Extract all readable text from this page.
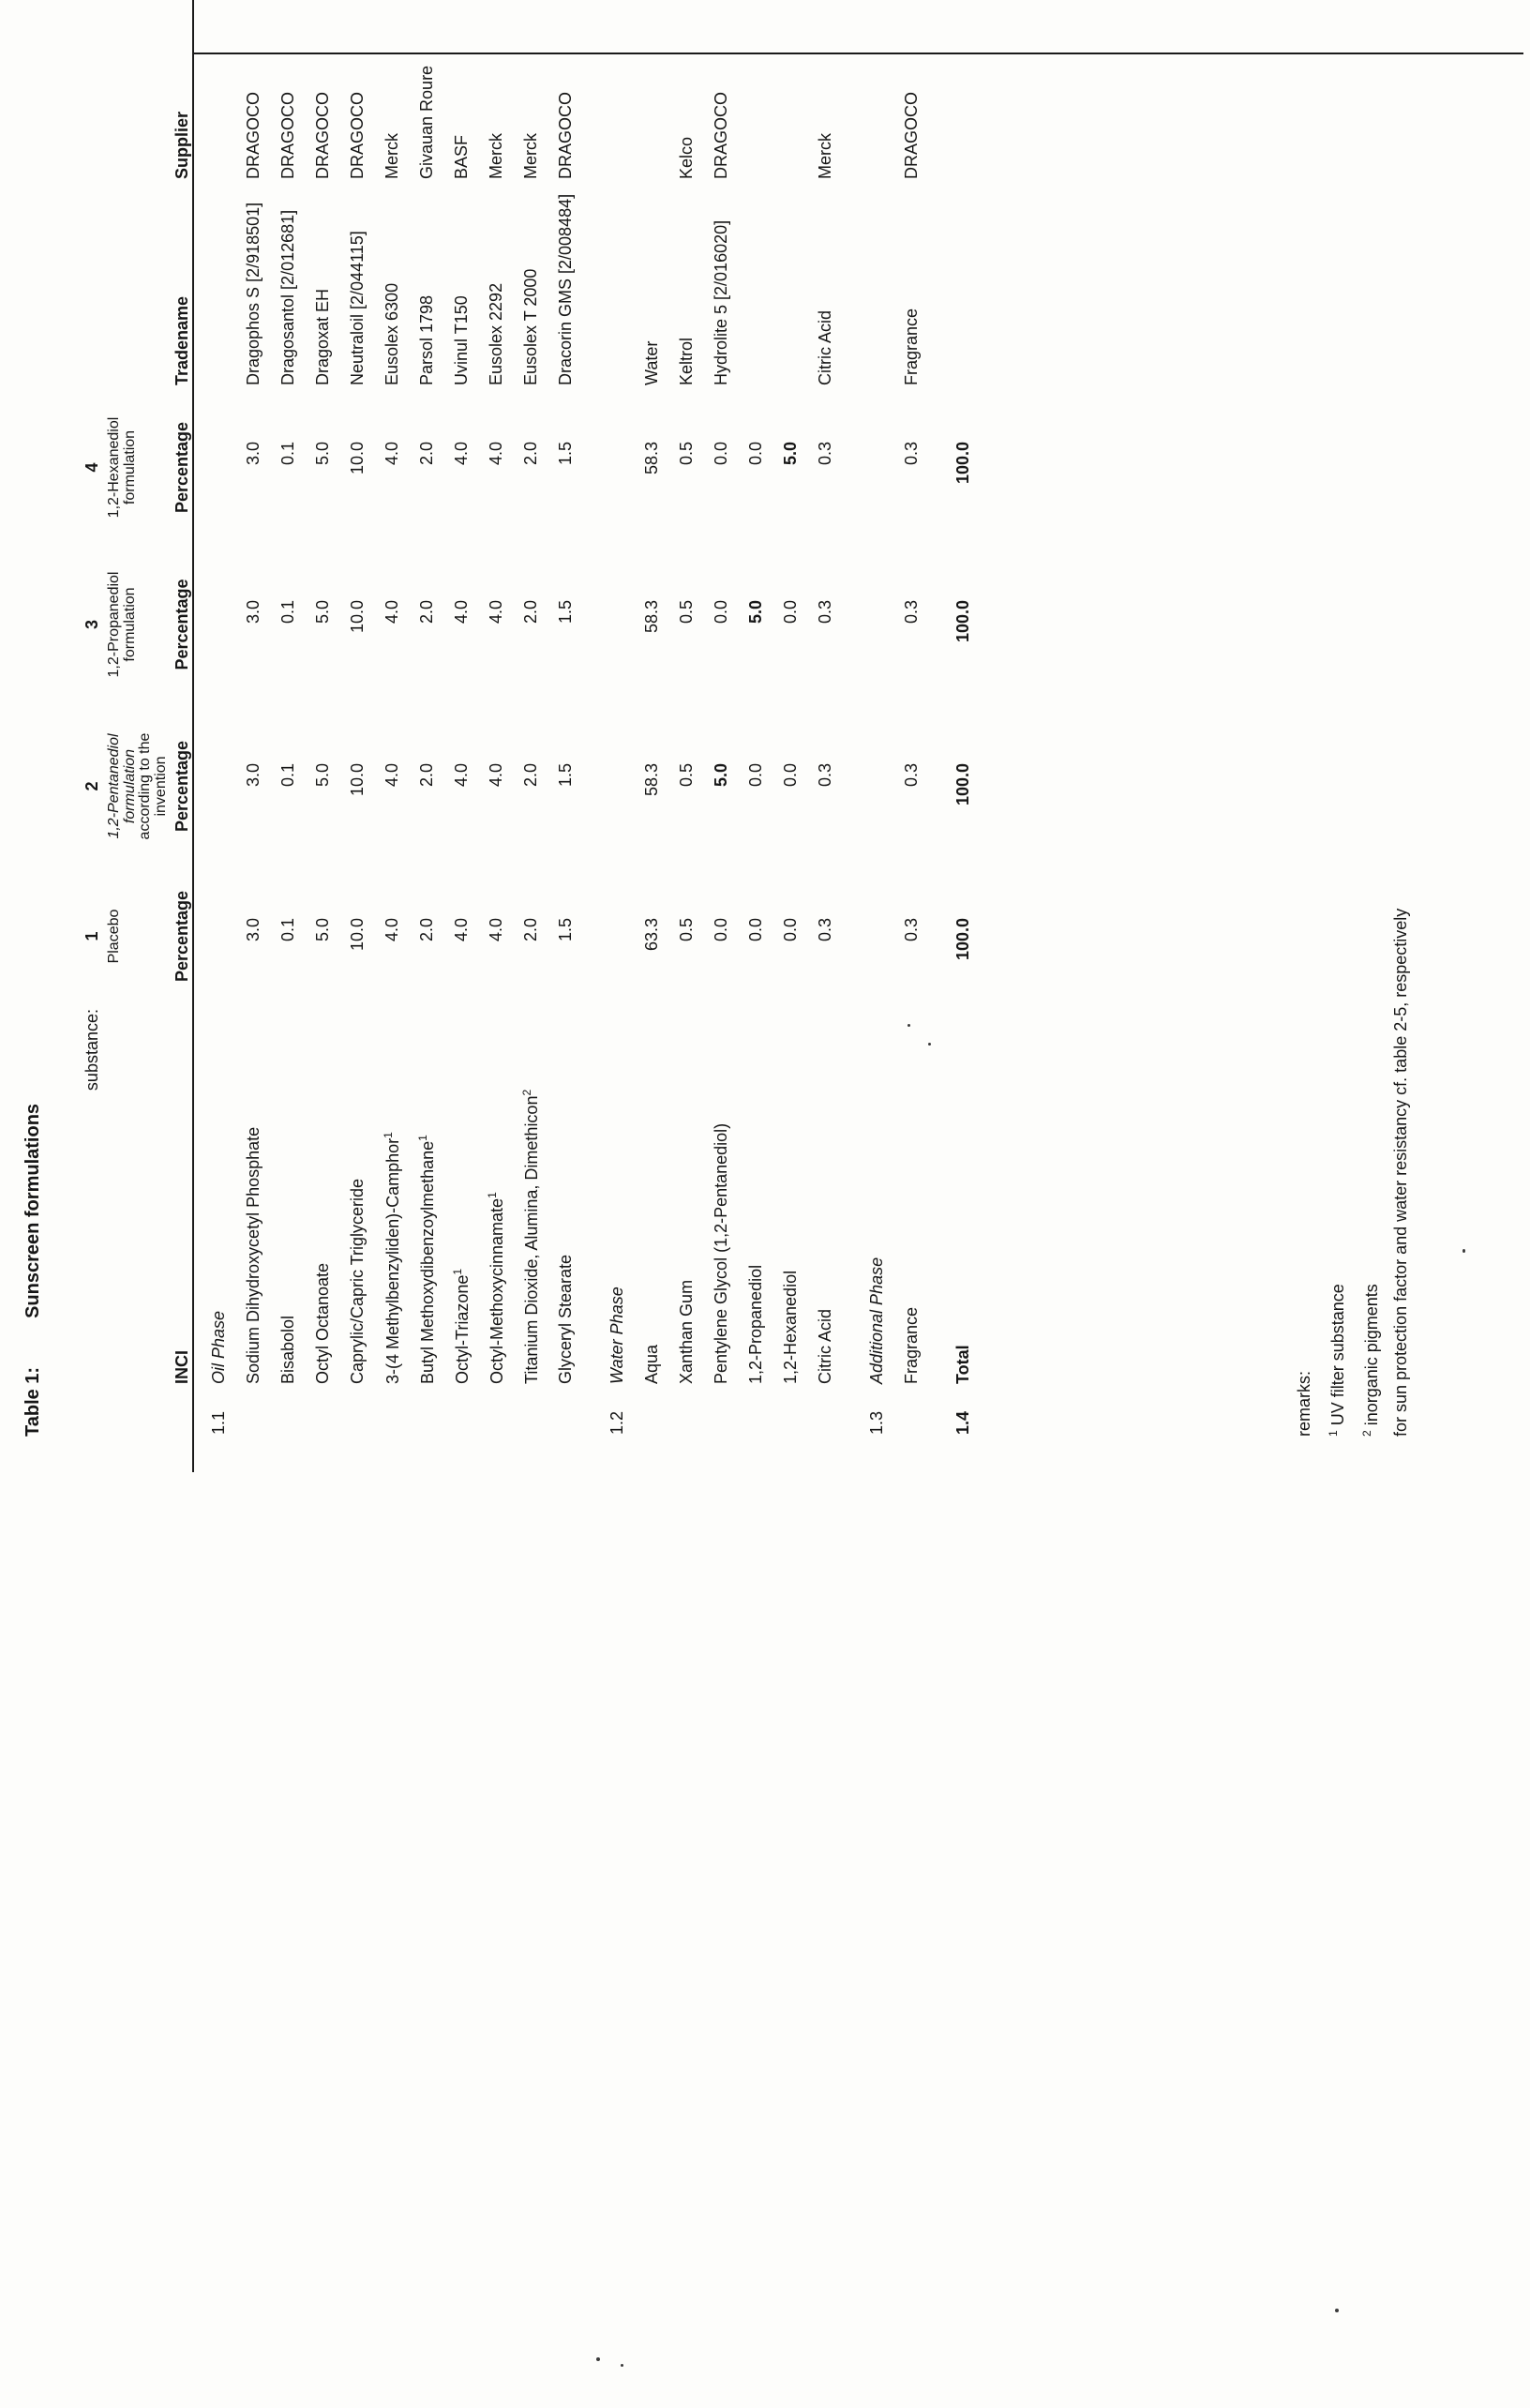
Table 1:Sunscreen formulations
substance:
1
2
3
4
Placebo
1,2-Pentanediol formulation according to the invention
1,2-Propanediol formulation
1,2-Hexanediol formulation
INCI
Percentage
Percentage
Percentage
Percentage
Tradename
Supplier
1.1
Oil Phase Sodium Dihydroxycetyl Phosphate
3.0
3.0
3.0
3.0
Dragophos S [2/918501]
DRAGOCO
Bisabolol
0.1
0.1
0.1
0.1
Dragosantol [2/012681]
DRAGOCO
Octyl Octanoate
5.0
5.0
5.0
5.0
Dragoxat EH
DRAGOCO
Caprylic/Capric Triglyceride
10.0
10.0
10.0
10.0
Neutraloil [2/044115]
DRAGOCO
3-(4 Methylbenzyliden)-Camphor$^1$
4.0
4.0
4.0
4.0
Eusolex 6300
Merck
Butyl Methoxydibenzoylmethane$^1$
2.0
2.0
2.0
2.0
Parsol 1798
Givauan Roure
Octyl-Triazone$^1$
4.0
4.0
4.0
4.0
Uvinul T150
BASF
Octyl-Methoxycinnamate$^1$
4.0
4.0
4.0
4.0
Eusolex 2292
Merck
Titanium Dioxide, Alumina, Dimethicon$^2$
2.0
2.0
2.0
2.0
Eusolex T 2000
Merck
Glyceryl Stearate
1.5
1.5
1.5
1.5
Dracorin GMS [2/008484]
DRAGOCO
1.2
Water Phase Aqua
63.3
58.3
58.3
58.3
Water
Xanthan Gum
0.5
0.5
0.5
0.5
Keltrol
Kelco
Pentylene Glycol (1,2-Pentanediol)
0.0
5.0
0.0
0.0
Hydrolite 5 [2/016020]
DRAGOCO
1,2-Propanediol
0.0
0.0
5.0
0.0
1,2-Hexanediol
0.0
0.0
0.0
5.0
Citric Acid
0.3
0.3
0.3
0.3
Citric Acid
Merck
1.3
Additional Phase Fragrance
0.3
0.3
0.3
0.3
Fragrance
DRAGOCO
1.4
Total
100.0
100.0
100.0
100.0
remarks:	$^1$ UV filter substance
$^2$ inorganic pigments for sun protection factor and water resistancy cf. table 2-5, respectively
